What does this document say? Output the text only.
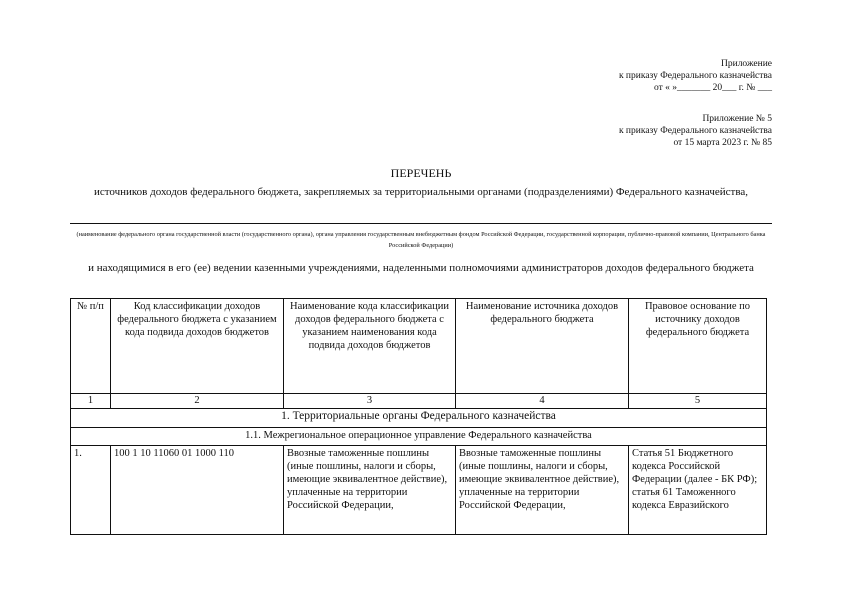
Приложение
к приказу Федерального казначейства
от « »_______ 20___ г. № ___
Приложение № 5
к приказу Федерального казначейства
от 15 марта 2023 г. № 85
ПЕРЕЧЕНЬ
источников доходов федерального бюджета, закрепляемых за территориальными органами (подразделениями) Федерального казначейства,
(наименование федерального органа государственной власти (государственного органа), органа управления государственным внебюджетным фондом Российской Федерации, государственной корпорации, публично-правовой компании, Центрального банка Российской Федерации)
и находящимися в его (ее) ведении казенными учреждениями, наделенными полномочиями администраторов доходов федерального бюджета
№ п/п	Код классификации доходов федерального бюджета с указанием кода подвида доходов бюджетов	Наименование кода классификации доходов федерального бюджета с указанием наименования кода подвида доходов бюджетов	Наименование источника доходов федерального бюджета	Правовое основание по источнику доходов федерального бюджета
1	2	3	4	5
1. Территориальные органы Федерального казначейства				
1.1. Межрегиональное операционное управление Федерального казначейства				

1.	100 1 10 11060 01 1000 110	Ввозные таможенные пошлины (иные пошлины, налоги и сборы, имеющие эквивалентное действие), уплаченные на территории Российской Федерации,	Ввозные таможенные пошлины (иные пошлины, налоги и сборы, имеющие эквивалентное действие), уплаченные на территории Российской Федерации,	Статья 51 Бюджетного кодекса Российской Федерации (далее - БК РФ); статья 61 Таможенного кодекса Евразийского
